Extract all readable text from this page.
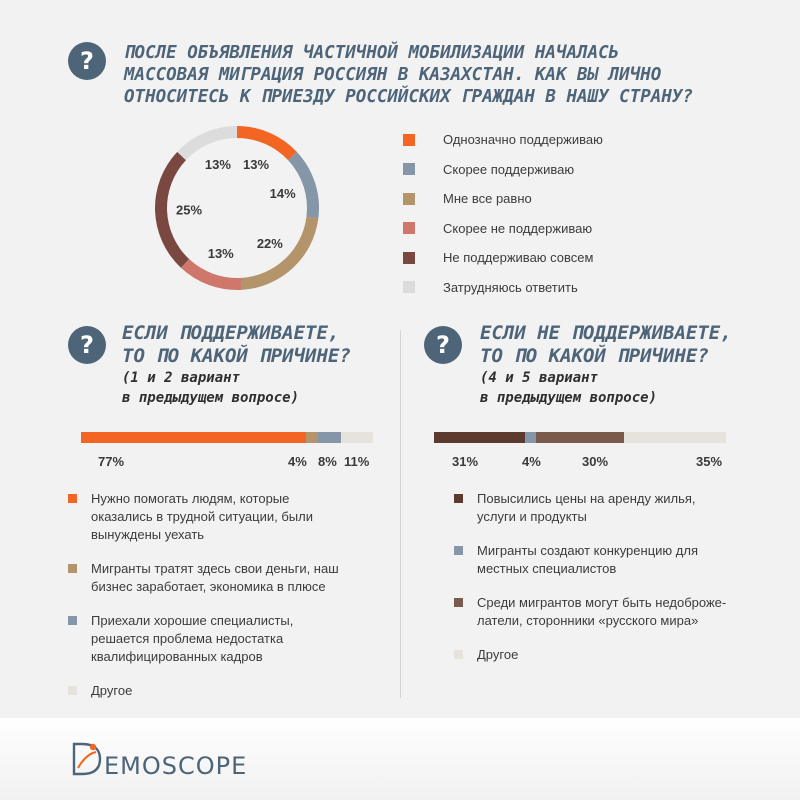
?	ПОСЛЕ ОБЪЯВЛЕНИЯ ЧАСТИЧНОЙ МОБИЛИЗАЦИИ НАЧАЛАСЬ
МАССОВАЯ МИГРАЦИЯ РОССИЯН В КАЗАХСТАН. КАК ВЫ ЛИЧНО
ОТНОСИТЕСЬ К ПРИЕЗДУ РОССИЙСКИХ ГРАЖДАН В НАШУ СТРАНУ?
13%
14%
22%
13%
25%
13%
Однозначно поддерживаю
Скорее поддерживаю
Мне все равно
Скорее не поддерживаю
Не поддерживаю совсем
Затрудняюсь ответить
?	ЕСЛИ ПОДДЕРЖИВАЕТЕ,
ТО ПО КАКОЙ ПРИЧИНЕ?
(1 и 2 вариант
в предыдущем вопросе)
?	ЕСЛИ НЕ ПОДДЕРЖИВАЕТЕ,
ТО ПО КАКОЙ ПРИЧИНЕ?
(4 и 5 вариант
в предыдущем вопросе)
77%	4% 8% 11%
Нужно помогать людям, которые
оказались в трудной ситуации, были
вынуждены уехать
Мигранты тратят здесь свои деньги, наш
бизнес заработает, экономика в плюсе
Приехали хорошие специалисты,
решается проблема недостатка
квалифицированных кадров
Другое
31%	4%	30%	35%
Повысились цены на аренду жилья,
услуги и продукты
Мигранты создают конкуренцию для
местных специалистов
Среди мигрантов могут быть недоброже-
латели, сторонники «русского мира»
Другое
EMOSCOPE
